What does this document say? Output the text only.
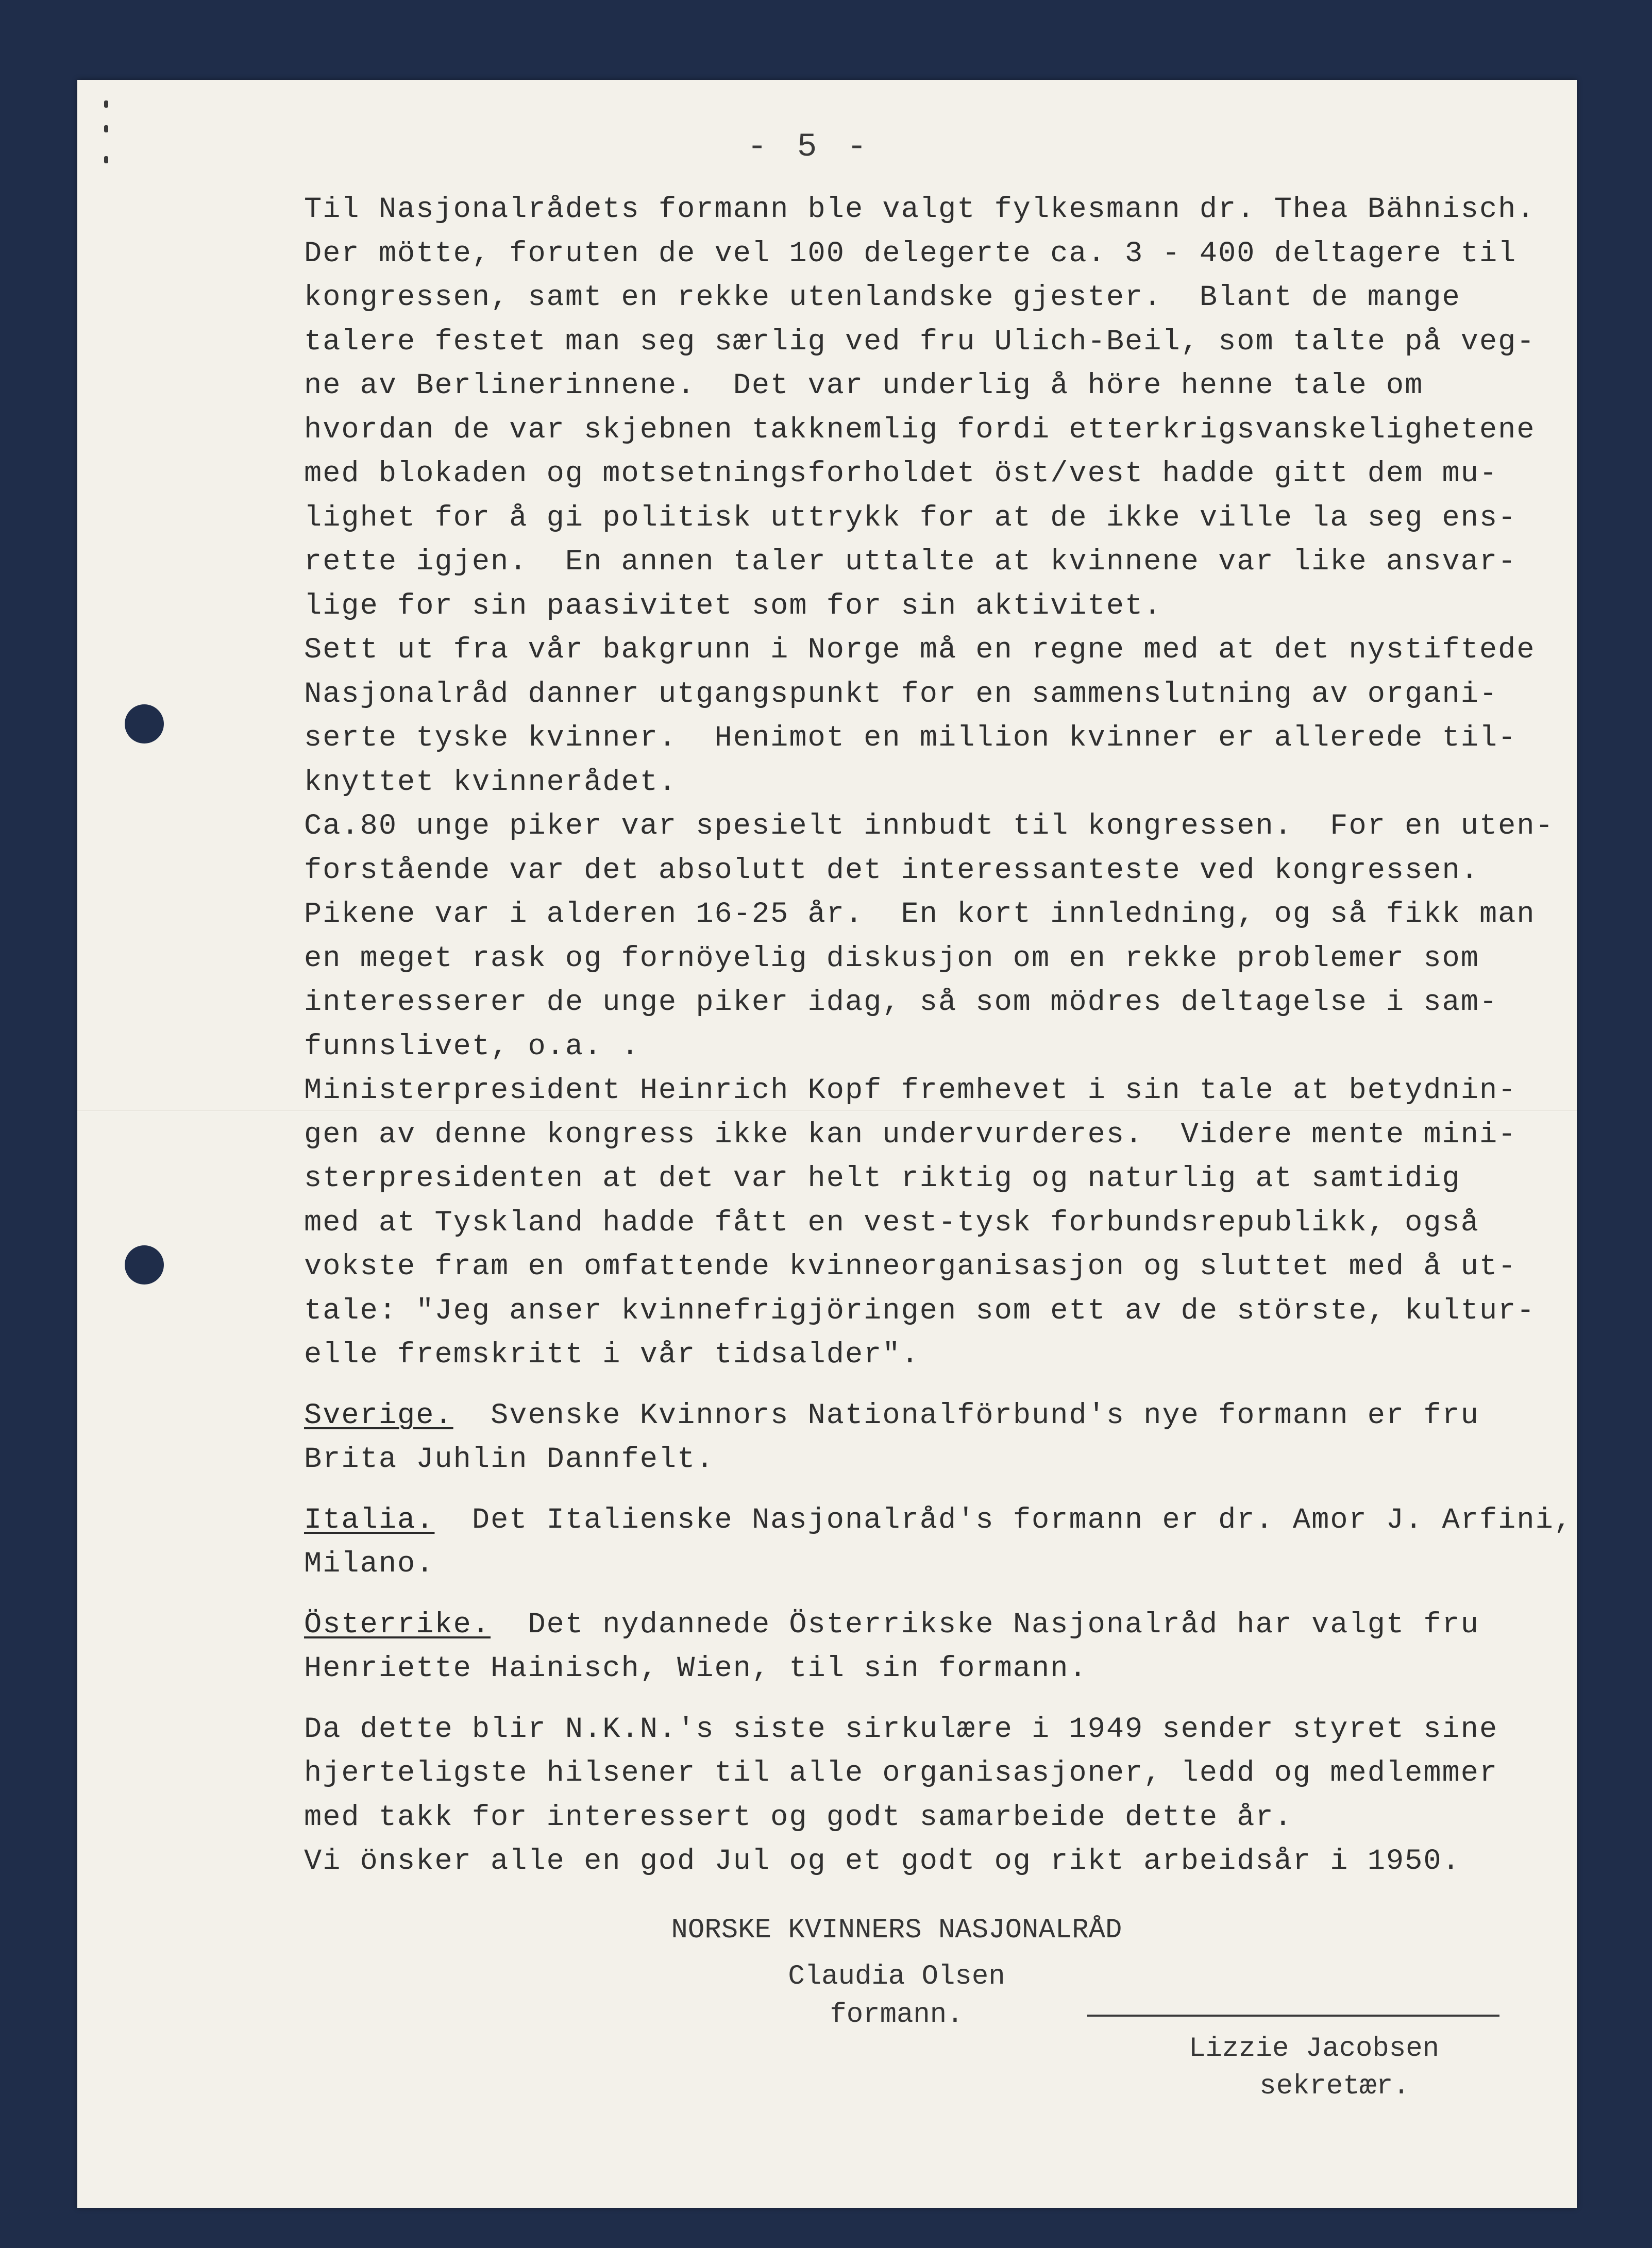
- 5 -
Til Nasjonalrådets formann ble valgt fylkesmann dr. Thea Bähnisch.
Der mötte, foruten de vel 100 delegerte ca. 3 - 400 deltagere til
kongressen, samt en rekke utenlandske gjester.  Blant de mange
talere festet man seg særlig ved fru Ulich-Beil, som talte på veg-
ne av Berlinerinnene.  Det var underlig å höre henne tale om
hvordan de var skjebnen takknemlig fordi etterkrigsvanskelighetene
med blokaden og motsetningsforholdet öst/vest hadde gitt dem mu-
lighet for å gi politisk uttrykk for at de ikke ville la seg ens-
rette igjen.  En annen taler uttalte at kvinnene var like ansvar-
lige for sin paasivitet som for sin aktivitet.
Sett ut fra vår bakgrunn i Norge må en regne med at det nystiftede
Nasjonalråd danner utgangspunkt for en sammenslutning av organi-
serte tyske kvinner.  Henimot en million kvinner er allerede til-
knyttet kvinnerådet.
Ca.80 unge piker var spesielt innbudt til kongressen.  For en uten-
forstående var det absolutt det interessanteste ved kongressen.
Pikene var i alderen 16-25 år.  En kort innledning, og så fikk man
en meget rask og fornöyelig diskusjon om en rekke problemer som
interesserer de unge piker idag, så som mödres deltagelse i sam-
funnslivet, o.a. .
Ministerpresident Heinrich Kopf fremhevet i sin tale at betydnin-
gen av denne kongress ikke kan undervurderes.  Videre mente mini-
sterpresidenten at det var helt riktig og naturlig at samtidig
med at Tyskland hadde fått en vest-tysk forbundsrepublikk, også
vokste fram en omfattende kvinneorganisasjon og sluttet med å ut-
tale: "Jeg anser kvinnefrigjöringen som ett av de störste, kultur-
elle fremskritt i vår tidsalder".
Sverige.  Svenske Kvinnors Nationalförbund's nye formann er fru
Brita Juhlin Dannfelt.
Italia.  Det Italienske Nasjonalråd's formann er dr. Amor J. Arfini,
Milano.
Österrike.  Det nydannede Österrikske Nasjonalråd har valgt fru
Henriette Hainisch, Wien, til sin formann.
Da dette blir N.K.N.'s siste sirkulære i 1949 sender styret sine
hjerteligste hilsener til alle organisasjoner, ledd og medlemmer
med takk for interessert og godt samarbeide dette år.
Vi önsker alle en god Jul og et godt og rikt arbeidsår i 1950.
NORSKE KVINNERS NASJONALRÅD
Claudia Olsen
formann.
Lizzie Jacobsen
sekretær.
